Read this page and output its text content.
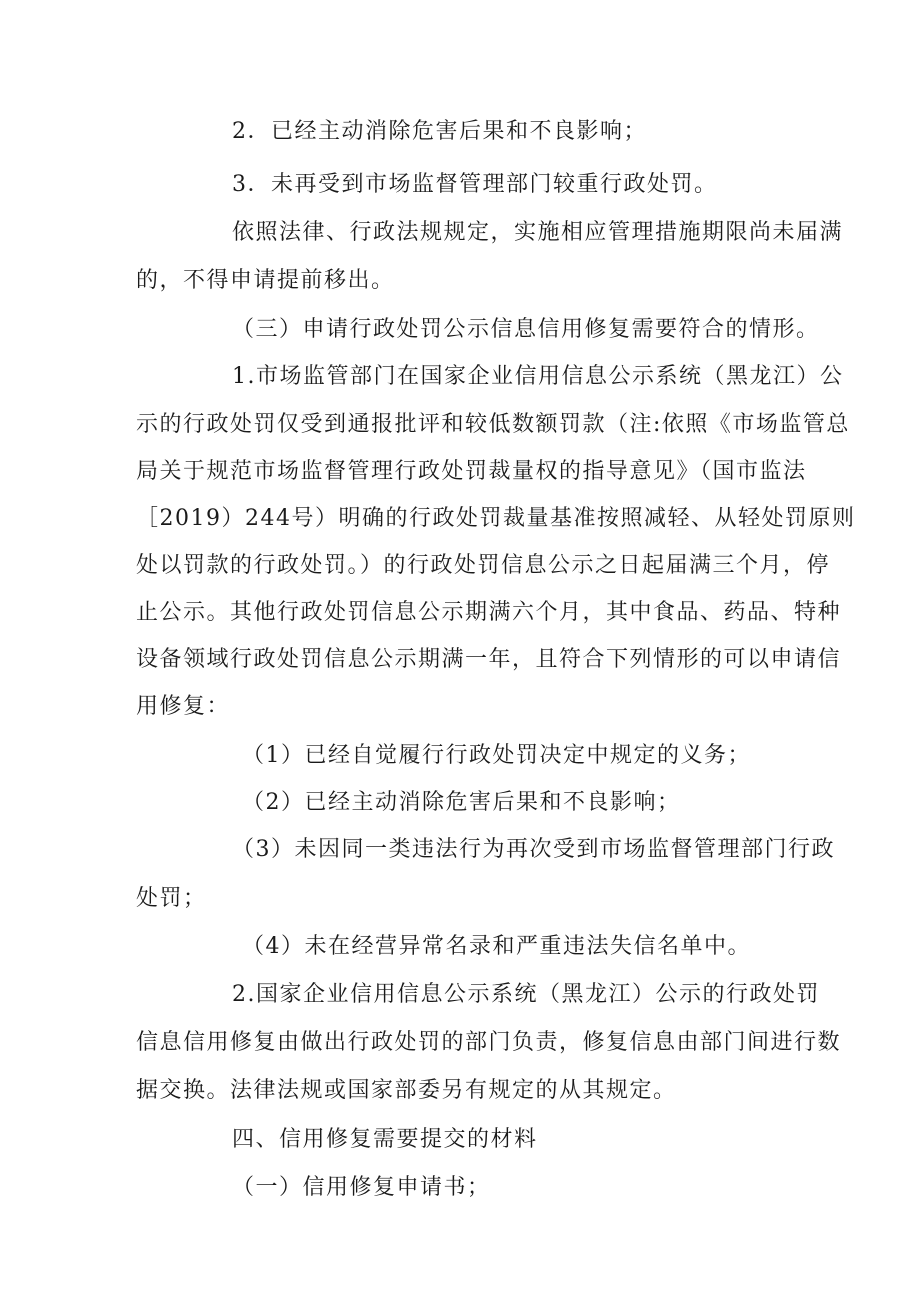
2．已经主动消除危害后果和不良影响；
3．未再受到市场监督管理部门较重行政处罚。
依照法律、行政法规规定，实施相应管理措施期限尚未届满
的，不得申请提前移出。
（三）申请行政处罚公示信息信用修复需要符合的情形。
1.市场监管部门在国家企业信用信息公示系统（黑龙江）公
示的行政处罚仅受到通报批评和较低数额罚款（注:依照《市场监管总
局关于规范市场监督管理行政处罚裁量权的指导意见》（国市监法
［2019）244号）明确的行政处罚裁量基准按照减轻、从轻处罚原则
处以罚款的行政处罚。）的行政处罚信息公示之日起届满三个月，停
止公示。其他行政处罚信息公示期满六个月，其中食品、药品、特种
设备领域行政处罚信息公示期满一年，且符合下列情形的可以申请信
用修复：
（1）已经自觉履行行政处罚决定中规定的义务；
（2）已经主动消除危害后果和不良影响；
（3）未因同一类违法行为再次受到市场监督管理部门行政
处罚；
（4）未在经营异常名录和严重违法失信名单中。
2.国家企业信用信息公示系统（黑龙江）公示的行政处罚
信息信用修复由做出行政处罚的部门负责，修复信息由部门间进行数
据交换。法律法规或国家部委另有规定的从其规定。
四、信用修复需要提交的材料
（一）信用修复申请书；
